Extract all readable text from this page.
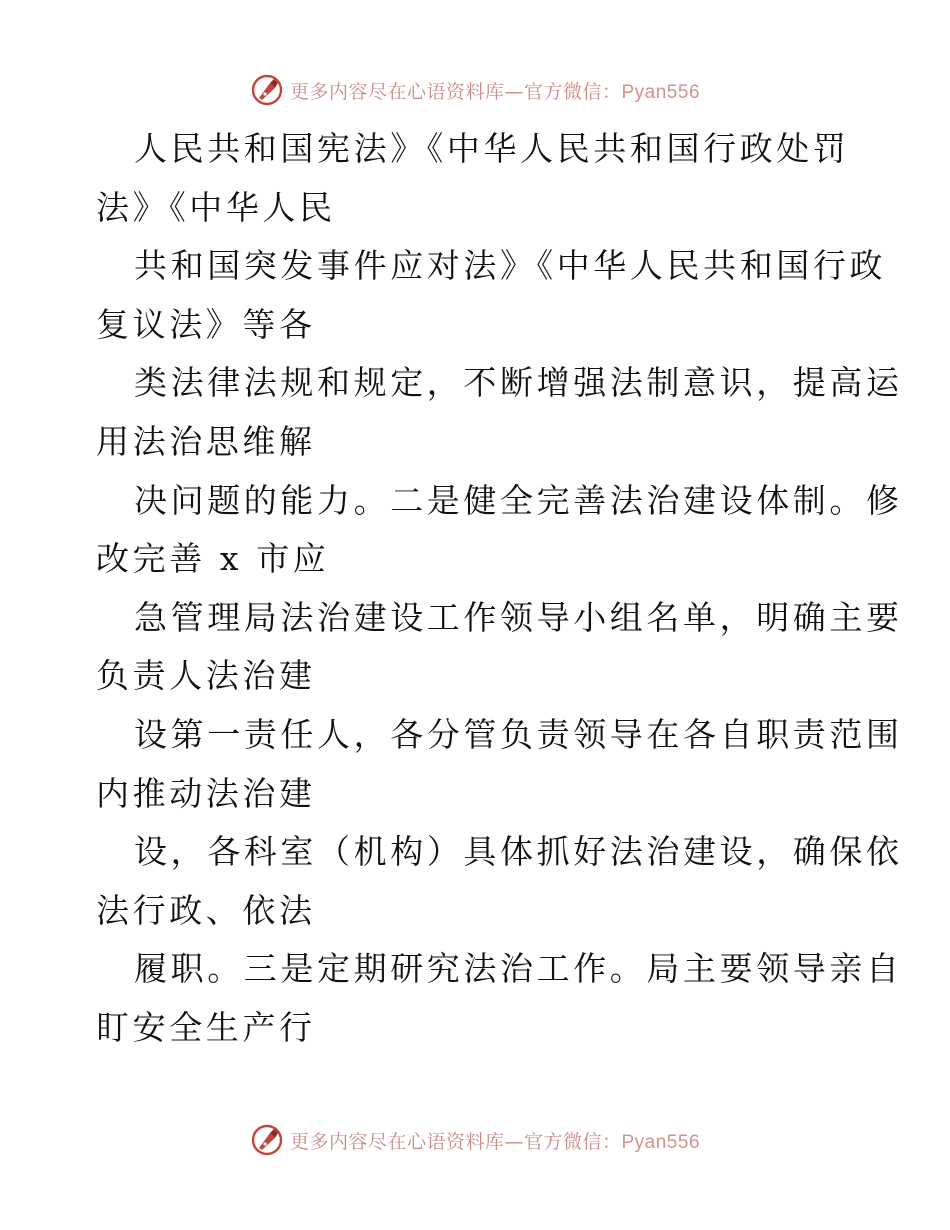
更多内容尽在心语资料库—官方微信：Pyan556
人民共和国宪法》《中华人民共和国行政处罚
法》《中华人民
共和国突发事件应对法》《中华人民共和国行政
复议法》等各
类法律法规和规定，不断增强法制意识，提高运
用法治思维解
决问题的能力。二是健全完善法治建设体制。修
改完善 x 市应
急管理局法治建设工作领导小组名单，明确主要
负责人法治建
设第一责任人，各分管负责领导在各自职责范围
内推动法治建
设，各科室（机构）具体抓好法治建设，确保依
法行政、依法
履职。三是定期研究法治工作。局主要领导亲自
盯安全生产行
更多内容尽在心语资料库—官方微信：Pyan556
